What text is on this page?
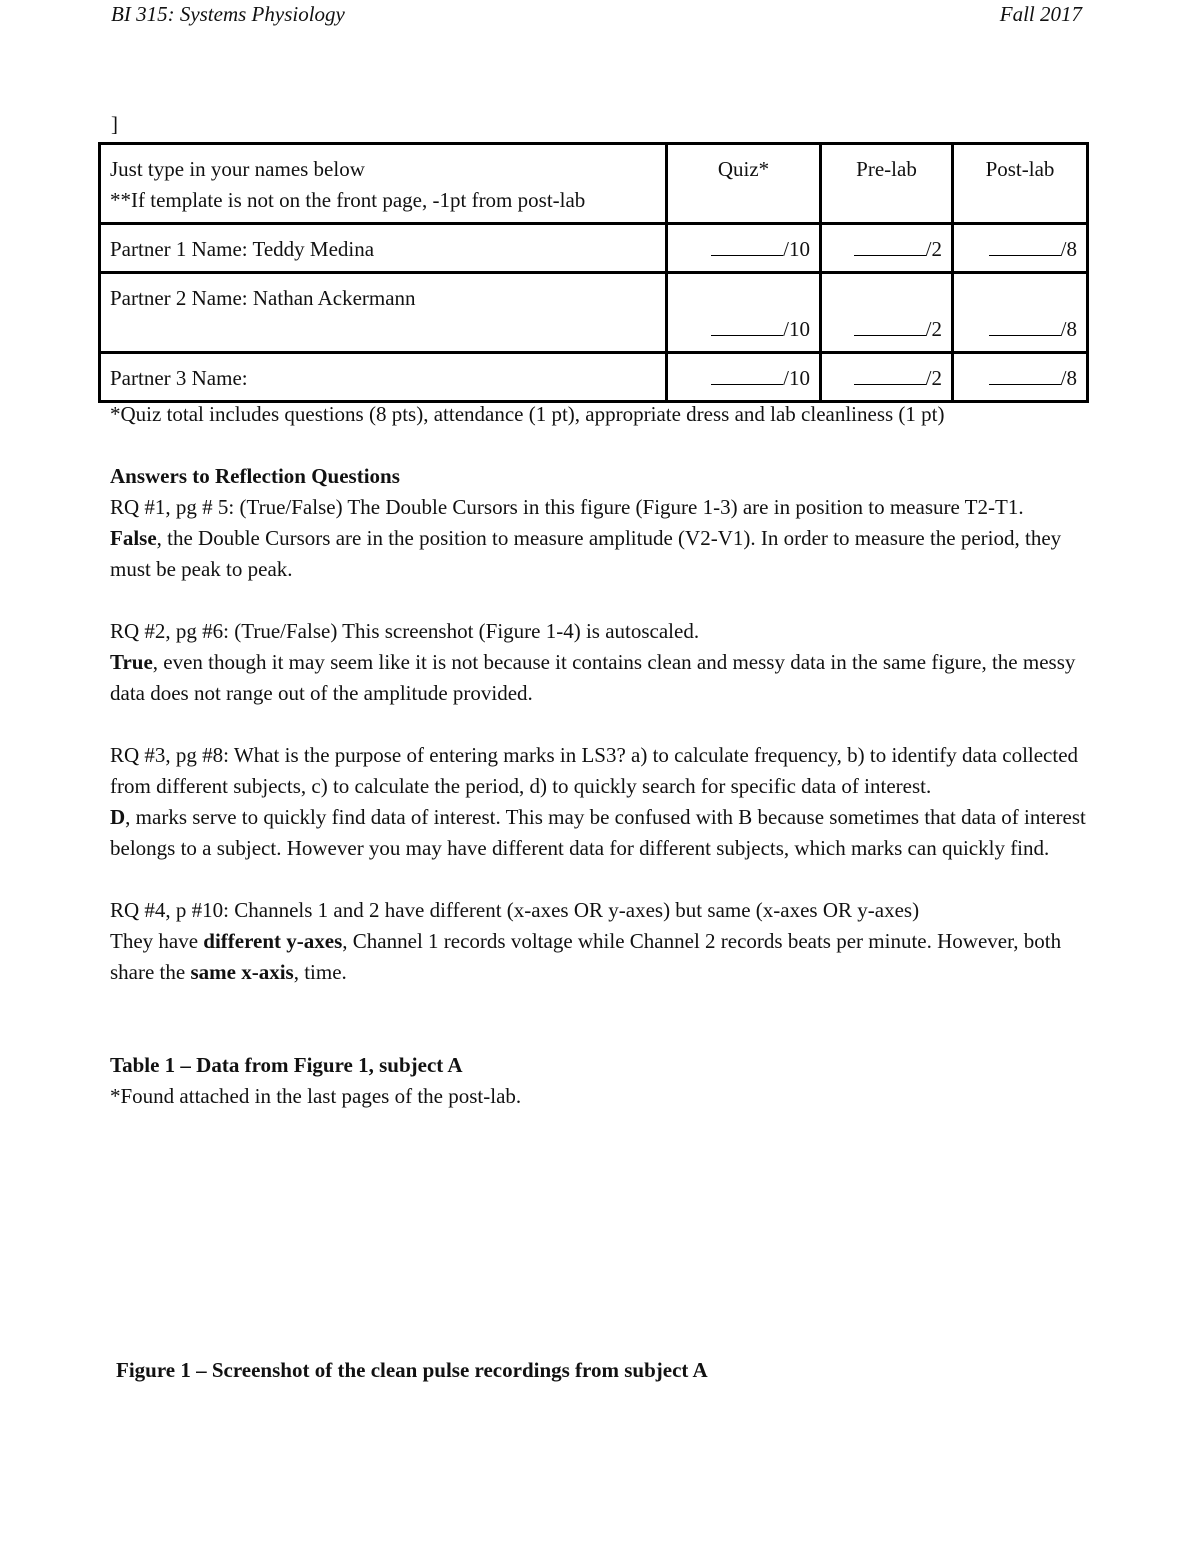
BI 315: Systems Physiology	Fall 2017
]
Just type in your names below
**If template is not on the front page, -1pt from post-lab	Quiz*	Pre-lab	Post-lab
Partner 1 Name: Teddy Medina	/10	/2	/8
Partner 2 Name: Nathan Ackermann	/10	/2	/8
Partner 3 Name:	/10	/2	/8

*Quiz total includes questions (8 pts), attendance (1 pt), appropriate dress and lab cleanliness (1 pt)

Answers to Reflection Questions

RQ #1, pg # 5: (True/False) The Double Cursors in this figure (Figure 1-3) are in position to measure T2-T1.

False, the Double Cursors are in the position to measure amplitude (V2-V1). In order to measure the period, they must be peak to peak.

RQ #2, pg #6: (True/False) This screenshot (Figure 1-4) is autoscaled.

True, even though it may seem like it is not because it contains clean and messy data in the same figure, the messy data does not range out of the amplitude provided.

RQ #3, pg #8: What is the purpose of entering marks in LS3? a) to calculate frequency, b) to identify data collected from different subjects, c) to calculate the period, d) to quickly search for specific data of interest.

D, marks serve to quickly find data of interest. This may be confused with B because sometimes that data of interest belongs to a subject. However you may have different data for different subjects, which marks can quickly find.

RQ #4, p #10: Channels 1 and 2 have different (x-axes OR y-axes) but same (x-axes OR y-axes)

They have different y-axes, Channel 1 records voltage while Channel 2 records beats per minute. However, both share the same x-axis, time.

Table 1 – Data from Figure 1, subject A

*Found attached in the last pages of the post-lab.

Figure 1 – Screenshot of the clean pulse recordings from subject A
